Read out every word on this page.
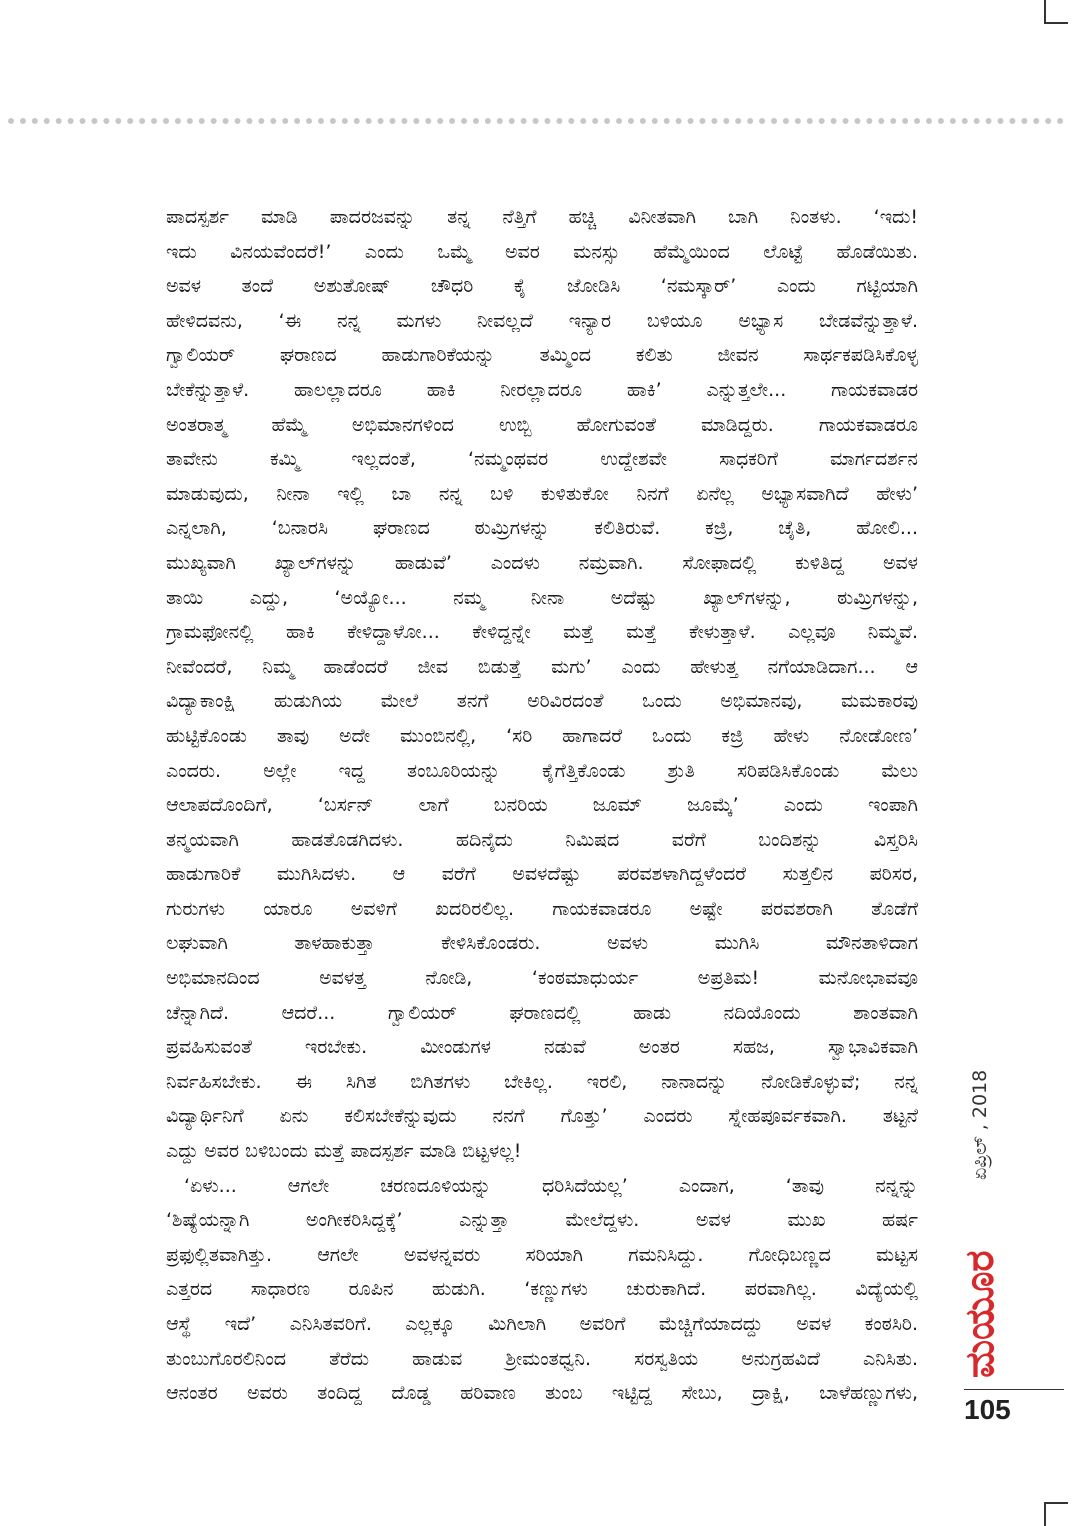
ಪಾದಸ್ಪರ್ಶ ಮಾಡಿ ಪಾದರಜವನ್ನು ತನ್ನ ನೆತ್ತಿಗೆ ಹಚ್ಚಿ ವಿನೀತವಾಗಿ ಬಾಗಿ ನಿಂತಳು. ‘ಇದು!
ಇದು ವಿನಯವೆಂದರೆ!’ ಎಂದು ಒಮ್ಮೆ ಅವರ ಮನಸ್ಸು ಹೆಮ್ಮೆಯಿಂದ ಲೊಟ್ಟೆ ಹೊಡೆಯಿತು.
ಅವಳ ತಂದೆ ಅಶುತೋಷ್ ಚೌಧರಿ ಕೈ ಜೋಡಿಸಿ ‘ನಮಸ್ಕಾರ್’ ಎಂದು ಗಟ್ಟಿಯಾಗಿ
ಹೇಳಿದವನು, ‘ಈ ನನ್ನ ಮಗಳು ನೀವಲ್ಲದೆ ಇನ್ಯಾರ ಬಳಿಯೂ ಅಭ್ಯಾಸ ಬೇಡವೆನ್ನುತ್ತಾಳೆ.
ಗ್ವಾಲಿಯರ್ ಘರಾಣದ ಹಾಡುಗಾರಿಕೆಯನ್ನು ತಮ್ಮಿಂದ ಕಲಿತು ಜೀವನ ಸಾರ್ಥಕಪಡಿಸಿಕೊಳ್ಳ
ಬೇಕೆನ್ನುತ್ತಾಳೆ. ಹಾಲಲ್ಲಾದರೂ ಹಾಕಿ ನೀರಲ್ಲಾದರೂ ಹಾಕಿ’ ಎನ್ನುತ್ತಲೇ... ಗಾಯಕವಾಡರ
ಅಂತರಾತ್ಮ ಹೆಮ್ಮೆ ಅಭಿಮಾನಗಳಿಂದ ಉಬ್ಬಿ ಹೋಗುವಂತೆ ಮಾಡಿದ್ದರು. ಗಾಯಕವಾಡರೂ
ತಾವೇನು ಕಮ್ಮಿ ಇಲ್ಲದಂತೆ, ‘ನಮ್ಮಂಥವರ ಉದ್ದೇಶವೇ ಸಾಧಕರಿಗೆ ಮಾರ್ಗದರ್ಶನ
ಮಾಡುವುದು, ನೀನಾ ಇಲ್ಲಿ ಬಾ ನನ್ನ ಬಳಿ ಕುಳಿತುಕೋ ನಿನಗೆ ಏನೆಲ್ಲ ಅಭ್ಯಾಸವಾಗಿದೆ ಹೇಳು’
ಎನ್ನಲಾಗಿ, ‘ಬನಾರಸಿ ಘರಾಣದ ಠುಮ್ರಿಗಳನ್ನು ಕಲಿತಿರುವೆ. ಕಜ್ರಿ, ಚೈತಿ, ಹೋಲಿ...
ಮುಖ್ಯವಾಗಿ ಖ್ಯಾಲ್‌ಗಳನ್ನು ಹಾಡುವೆ’ ಎಂದಳು ನಮ್ರವಾಗಿ. ಸೋಫಾದಲ್ಲಿ ಕುಳಿತಿದ್ದ ಅವಳ
ತಾಯಿ ಎದ್ದು, ‘ಅಯ್ಯೋ... ನಮ್ಮ ನೀನಾ ಅದೆಷ್ಟು ಖ್ಯಾಲ್‌ಗಳನ್ನು, ಠುಮ್ರಿಗಳನ್ನು,
ಗ್ರಾಮಫೋನಲ್ಲಿ ಹಾಕಿ ಕೇಳಿದ್ದಾಳೋ... ಕೇಳಿದ್ದನ್ನೇ ಮತ್ತೆ ಮತ್ತೆ ಕೇಳುತ್ತಾಳೆ. ಎಲ್ಲವೂ ನಿಮ್ಮವೆ.
ನೀವೆಂದರೆ, ನಿಮ್ಮ ಹಾಡೆಂದರೆ ಜೀವ ಬಿಡುತ್ತೆ ಮಗು’ ಎಂದು ಹೇಳುತ್ತ ನಗೆಯಾಡಿದಾಗ... ಆ
ವಿದ್ಯಾಕಾಂಕ್ಷಿ ಹುಡುಗಿಯ ಮೇಲೆ ತನಗೆ ಅರಿವಿರದಂತೆ ಒಂದು ಅಭಿಮಾನವು, ಮಮಕಾರವು
ಹುಟ್ಟಿಕೊಂಡು ತಾವು ಅದೇ ಮುಂಬಿನಲ್ಲಿ, ‘ಸರಿ ಹಾಗಾದರೆ ಒಂದು ಕಜ್ರಿ ಹೇಳು ನೋಡೋಣ’
ಎಂದರು. ಅಲ್ಲೇ ಇದ್ದ ತಂಬೂರಿಯನ್ನು ಕೈಗೆತ್ತಿಕೊಂಡು ಶ್ರುತಿ ಸರಿಪಡಿಸಿಕೊಂಡು ಮೆಲು
ಆಲಾಪದೊಂದಿಗೆ, ‘ಬರ್ಸನ್ ಲಾಗೆ ಬನರಿಯ ಜೂಮ್ ಜೂಮ್ಕೆ’ ಎಂದು ಇಂಪಾಗಿ
ತನ್ಮಯವಾಗಿ ಹಾಡತೊಡಗಿದಳು. ಹದಿನೈದು ನಿಮಿಷದ ವರೆಗೆ ಬಂದಿಶನ್ನು ವಿಸ್ತರಿಸಿ
ಹಾಡುಗಾರಿಕೆ ಮುಗಿಸಿದಳು. ಆ ವರೆಗೆ ಅವಳದೆಷ್ಟು ಪರವಶಳಾಗಿದ್ದಳೆಂದರೆ ಸುತ್ತಲಿನ ಪರಿಸರ,
ಗುರುಗಳು ಯಾರೂ ಅವಳಿಗೆ ಖದರಿರಲಿಲ್ಲ. ಗಾಯಕವಾಡರೂ ಅಷ್ಟೇ ಪರವಶರಾಗಿ ತೊಡೆಗೆ
ಲಘುವಾಗಿ ತಾಳಹಾಕುತ್ತಾ ಕೇಳಿಸಿಕೊಂಡರು. ಅವಳು ಮುಗಿಸಿ ಮೌನತಾಳಿದಾಗ
ಅಭಿಮಾನದಿಂದ ಅವಳತ್ತ ನೋಡಿ, ‘ಕಂಠಮಾಧುರ್ಯ ಅಪ್ರತಿಮ! ಮನೋಭಾವವೂ
ಚೆನ್ನಾಗಿದೆ. ಆದರೆ... ಗ್ವಾಲಿಯರ್ ಘರಾಣದಲ್ಲಿ ಹಾಡು ನದಿಯೊಂದು ಶಾಂತವಾಗಿ
ಪ್ರವಹಿಸುವಂತೆ ಇರಬೇಕು. ಮೀಂಡುಗಳ ನಡುವೆ ಅಂತರ ಸಹಜ, ಸ್ವಾಭಾವಿಕವಾಗಿ
ನಿರ್ವಹಿಸಬೇಕು. ಈ ಸಿಗಿತ ಬಿಗಿತಗಳು ಬೇಕಿಲ್ಲ. ಇರಲಿ, ನಾನಾದನ್ನು ನೋಡಿಕೊಳ್ಳುವೆ; ನನ್ನ
ವಿದ್ಯಾರ್ಥಿನಿಗೆ ಏನು ಕಲಿಸಬೇಕೆನ್ನುವುದು ನನಗೆ ಗೊತ್ತು’ ಎಂದರು ಸ್ನೇಹಪೂರ್ವಕವಾಗಿ. ತಟ್ಟನೆ
ಎದ್ದು ಅವರ ಬಳಿಬಂದು ಮತ್ತೆ ಪಾದಸ್ಪರ್ಶ ಮಾಡಿ ಬಿಟ್ಟಳಲ್ಲ!
‘ಏಳು... ಆಗಲೇ ಚರಣದೂಳಿಯನ್ನು ಧರಿಸಿದೆಯಲ್ಲ’ ಎಂದಾಗ, ‘ತಾವು ನನ್ನನ್ನು
‘ಶಿಷ್ಯೆಯನ್ನಾಗಿ ಅಂಗೀಕರಿಸಿದ್ದಕ್ಕೆ’ ಎನ್ನುತ್ತಾ ಮೇಲೆದ್ದಳು. ಅವಳ ಮುಖ ಹರ್ಷ
ಪ್ರಫುಲ್ಲಿತವಾಗಿತ್ತು. ಆಗಲೇ ಅವಳನ್ನವರು ಸರಿಯಾಗಿ ಗಮನಿಸಿದ್ದು. ಗೋಧಿಬಣ್ಣದ ಮಟ್ಟಸ
ಎತ್ತರದ ಸಾಧಾರಣ ರೂಪಿನ ಹುಡುಗಿ. ‘ಕಣ್ಣುಗಳು ಚುರುಕಾಗಿದೆ. ಪರವಾಗಿಲ್ಲ. ವಿದ್ಯೆಯಲ್ಲಿ
ಆಸ್ಥೆ ಇದೆ’ ಎನಿಸಿತವರಿಗೆ. ಎಲ್ಲಕ್ಕೂ ಮಿಗಿಲಾಗಿ ಅವರಿಗೆ ಮೆಚ್ಚಿಗೆಯಾದದ್ದು ಅವಳ ಕಂಠಸಿರಿ.
ತುಂಬುಗೊರಲಿನಿಂದ ತೆರೆದು ಹಾಡುವ ಶ್ರೀಮಂತಧ್ವನಿ. ಸರಸ್ವತಿಯ ಅನುಗ್ರಹವಿದೆ ಎನಿಸಿತು.
ಆನಂತರ ಅವರು ತಂದಿದ್ದ ದೊಡ್ಡ ಹರಿವಾಣ ತುಂಬ ಇಟ್ಟಿದ್ದ ಸೇಬು, ದ್ರಾಕ್ಷಿ, ಬಾಳೆಹಣ್ಣುಗಳು,
ಏಪ್ರಿಲ್ , 2018
ಮಯೂರ
105
